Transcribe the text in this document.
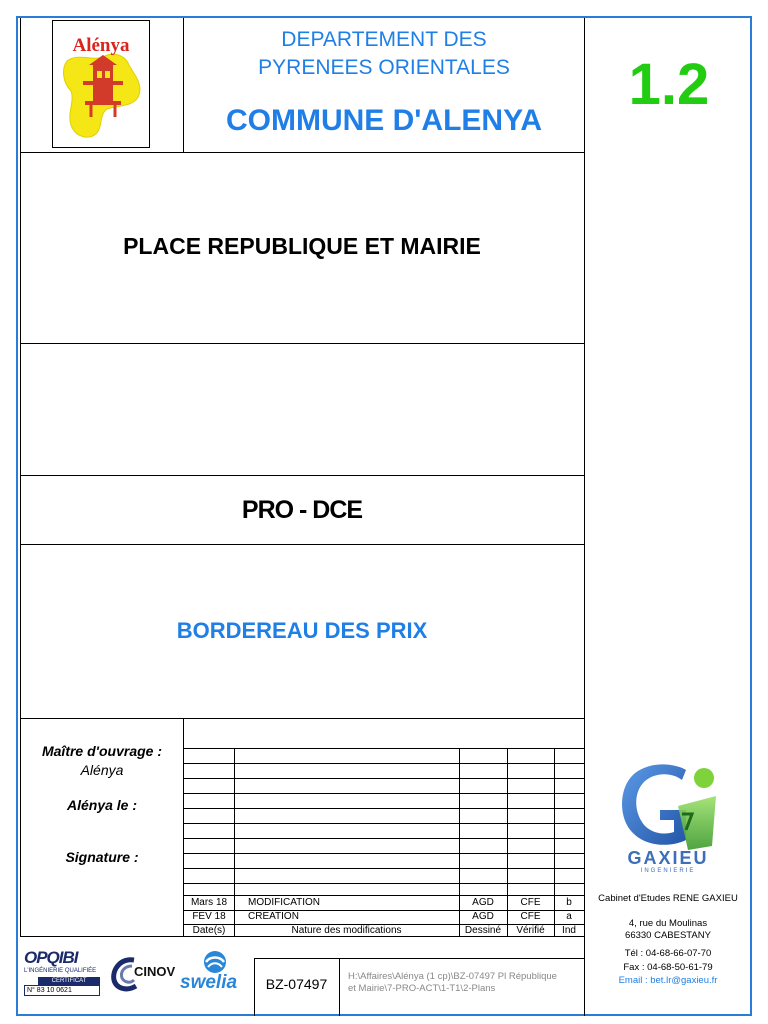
Alénya	DEPARTEMENT DES
PYRENEES ORIENTALES
COMMUNE D'ALENYA
1.2
PLACE REPUBLIQUE ET MAIRIE
PRO - DCE
BORDEREAU DES PRIX
Maître d'ouvrage :
Alénya
Alénya le :
Signature :
Mars 18	MODIFICATION	AGD	CFE	b
FEV 18	CREATION	AGD	CFE	a
Date(s)	Nature des modifications	Dessiné	Vérifié	Ind
GAXIEU
INGENIERIE
Cabinet d'Etudes RENE GAXIEU
4, rue du Moulinas
66330 CABESTANY
Tél : 04-68-66-07-70
Fax : 04-68-50-61-79
Email : bet.lr@gaxieu.fr
OPQIBI
L'INGÉNIERIE QUALIFIÉE
CERTIFICAT
N° 83 10 0621
CINOV
swelia	BZ-07497	H:\Affaires\Alénya (1 cp)\BZ-07497 Pl République
et Mairie\7-PRO-ACT\1-T1\2-Plans
